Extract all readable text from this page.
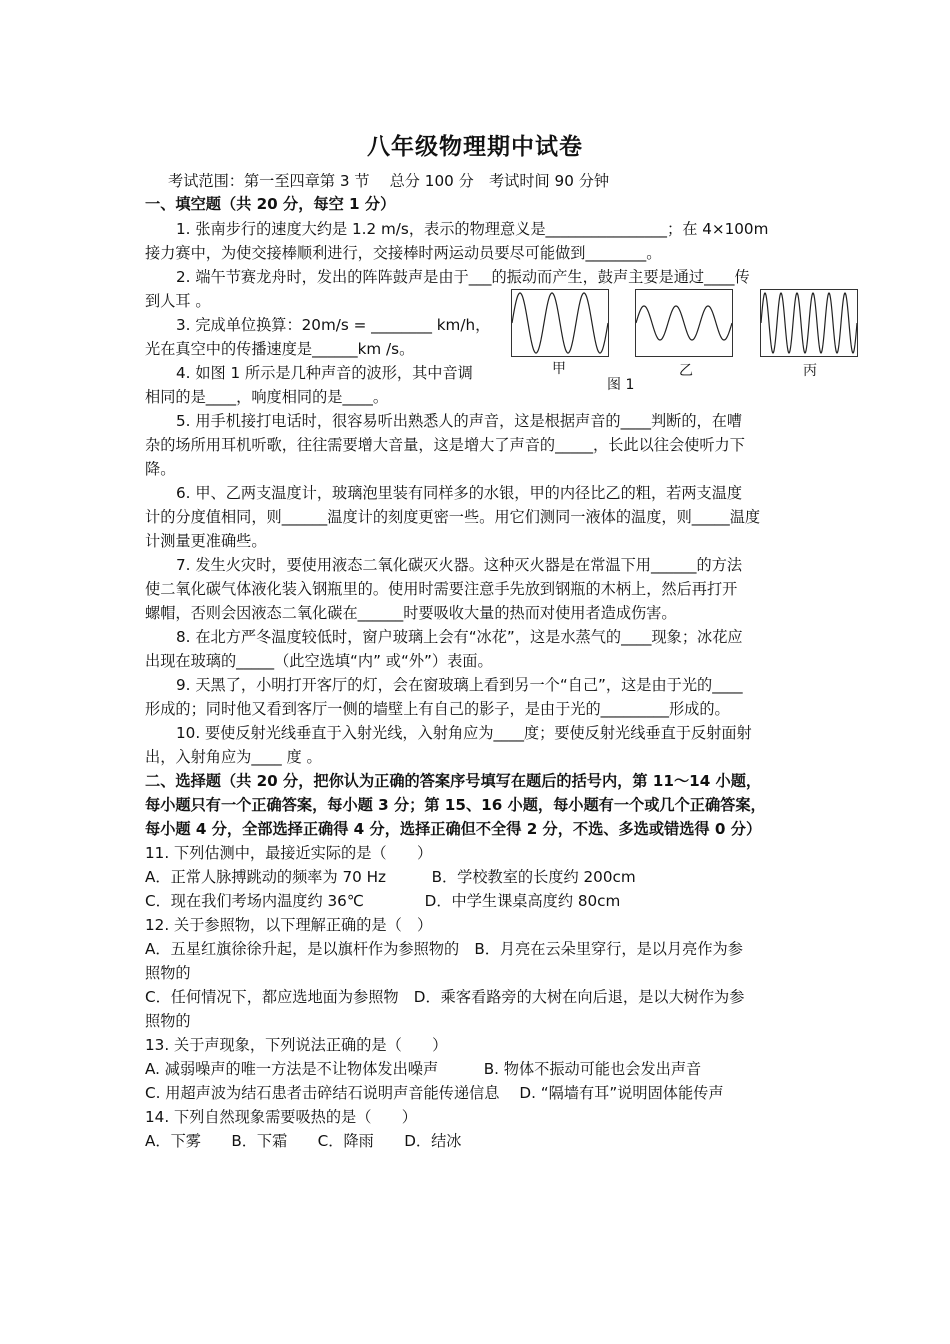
八年级物理期中试卷
考试范围：第一至四章第 3 节　 总分 100 分　考试时间 90 分钟
一、填空题（共 20 分，每空 1 分）
1. 张南步行的速度大约是 1.2 m/s，表示的物理意义是________________；在 4×100m
接力赛中，为使交接棒顺利进行，交接棒时两运动员要尽可能做到________。
2. 端午节赛龙舟时，发出的阵阵鼓声是由于___的振动而产生，鼓声主要是通过____传
到人耳 。
3. 完成单位换算：20m/s = ________ km/h，
光在真空中的传播速度是______km /s。
4. 如图 1 所示是几种声音的波形，其中音调
相同的是____，响度相同的是____。
5. 用手机接打电话时，很容易听出熟悉人的声音，这是根据声音的____判断的，在嘈
杂的场所用耳机听歌，往往需要增大音量，这是增大了声音的_____，长此以往会使听力下
降。
6. 甲、乙两支温度计，玻璃泡里装有同样多的水银，甲的内径比乙的粗，若两支温度
计的分度值相同，则______温度计的刻度更密一些。用它们测同一液体的温度，则_____温度
计测量更准确些。
7. 发生火灾时，要使用液态二氧化碳灭火器。这种灭火器是在常温下用______的方法
使二氧化碳气体液化装入钢瓶里的。使用时需要注意手先放到钢瓶的木柄上，然后再打开
螺帽，否则会因液态二氧化碳在______时要吸收大量的热而对使用者造成伤害。
8. 在北方严冬温度较低时，窗户玻璃上会有“冰花”，这是水蒸气的____现象；冰花应
出现在玻璃的_____（此空选填“内” 或“外”）表面。
9. 天黑了，小明打开客厅的灯，会在窗玻璃上看到另一个“自己”，这是由于光的____
形成的；同时他又看到客厅一侧的墙壁上有自己的影子，是由于光的_________形成的。
10. 要使反射光线垂直于入射光线，入射角应为____度；要使反射光线垂直于反射面射
出，入射角应为____ 度 。
二、选择题（共 20 分，把你认为正确的答案序号填写在题后的括号内，第 11～14 小题，
每小题只有一个正确答案，每小题 3 分；第 15、16 小题，每小题有一个或几个正确答案，
每小题 4 分，全部选择正确得 4 分，选择正确但不全得 2 分，不选、多选或错选得 0 分）
11. 下列估测中，最接近实际的是（　　）
A．正常人脉搏跳动的频率为 70 Hz　　　B．学校教室的长度约 200cm
C．现在我们考场内温度约 36℃　　　　D．中学生课桌高度约 80cm
12. 关于参照物，以下理解正确的是（　）
A．五星红旗徐徐升起，是以旗杆作为参照物的　B．月亮在云朵里穿行，是以月亮作为参
照物的
C．任何情况下，都应选地面为参照物　D．乘客看路旁的大树在向后退，是以大树作为参
照物的
13. 关于声现象，下列说法正确的是（　　）
A. 减弱噪声的唯一方法是不让物体发出噪声　　　B. 物体不振动可能也会发出声音
C. 用超声波为结石患者击碎结石说明声音能传递信息　 D. “隔墙有耳”说明固体能传声
14. 下列自然现象需要吸热的是（　　）
A．下雾　　B．下霜　　C．降雨　　D．结冰
甲	乙	丙
图 1
